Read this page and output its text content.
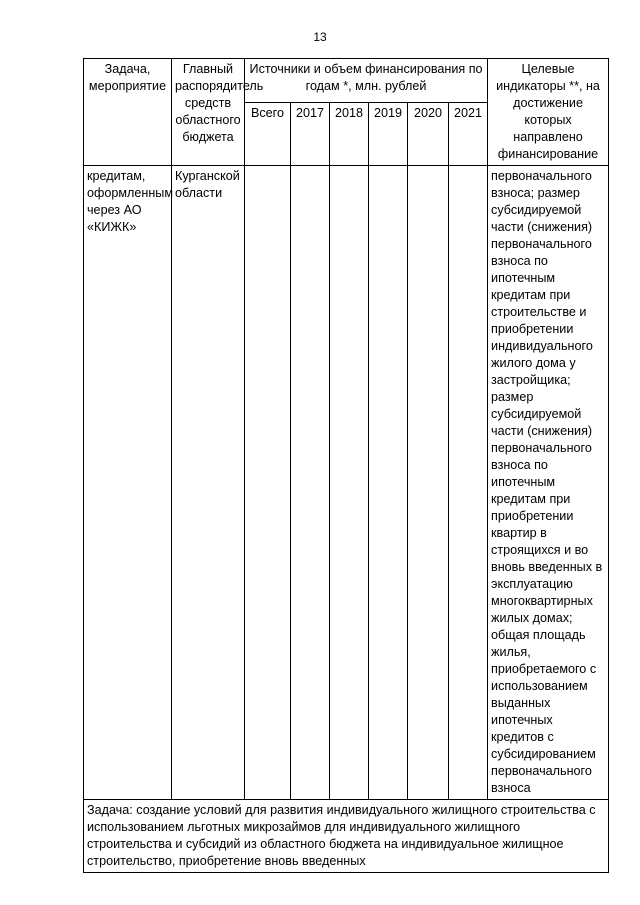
13
Задача, мероприятие	Главный распорядитель средств областного бюджета	Источники и объем финансирования по годам *, млн. рублей						Целевые индикаторы **, на достижение которых направлено финансирование
		Всего	2017	2018	2019	2020	2021	
кредитам, оформленным через АО «КИЖК»	Курганской области							первоначального взноса; размер субсидируемой части (снижения) первоначального взноса по ипотечным кредитам при строительстве и приобретении индивидуального жилого дома у застройщика; размер субсидируемой части (снижения) первоначального взноса по ипотечным кредитам при приобретении квартир в строящихся и во вновь введенных в эксплуатацию многоквартирных жилых домах; общая площадь жилья, приобретаемого с использованием выданных ипотечных кредитов с субсидированием первоначального взноса
Задача: создание условий для развития индивидуального жилищного строительства с использованием льготных микрозаймов для индивидуального жилищного строительства и субсидий из областного бюджета на индивидуальное жилищное строительство, приобретение вновь введенных								
